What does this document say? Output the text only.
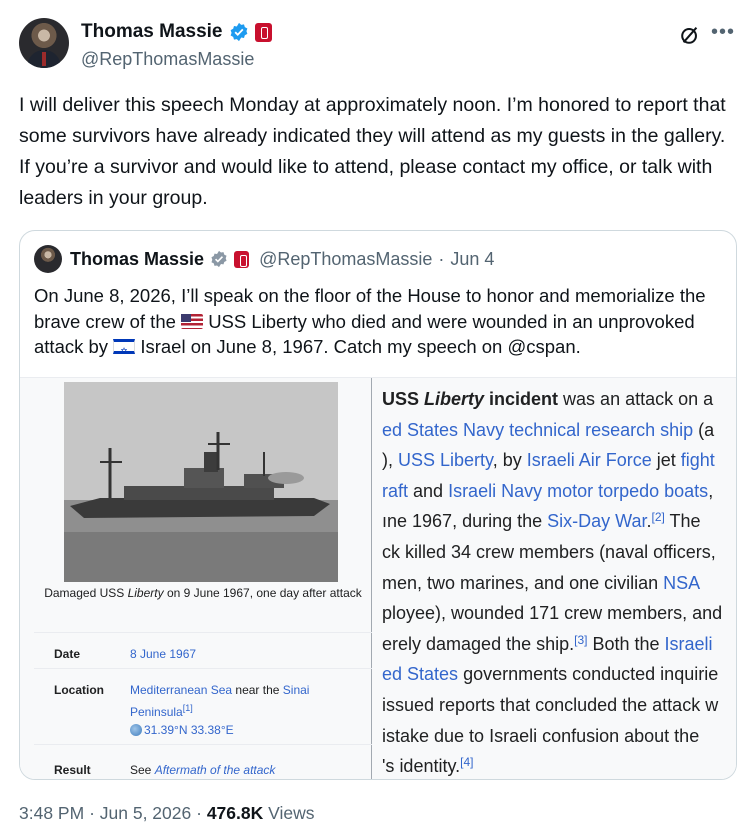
Thomas Massie
@RepThomasMassie
•••
I will deliver this speech Monday at approximately noon. I’m honored to report that some survivors have already indicated they will attend as my guests in the gallery. If you’re a survivor and would like to attend, please contact my office, or talk with leaders in your group.
Thomas Massie	@RepThomasMassie · Jun 4
On June 8, 2026, I’ll speak on the floor of the House to honor and memorialize the brave crew of the USS Liberty who died and were wounded in an unprovoked attack by ✡ Israel on June 8, 1967. Catch my speech on @cspan.
Damaged USS Liberty on 9 June 1967, one day after attack
Date	8 June 1967
Location Mediterranean Sea near the Sinai Peninsula[1]
31.39°N 33.38°E
Result	See Aftermath of the attack
USS Liberty incident was an attack on a
ed States Navy technical research ship (a
), USS Liberty, by Israeli Air Force jet fight
raft and Israeli Navy motor torpedo boats,
ıne 1967, during the Six-Day War.[2] The
ck killed 34 crew members (naval officers,
men, two marines, and one civilian NSA
ployee), wounded 171 crew members, and
erely damaged the ship.[3] Both the Israeli
ed States governments conducted inquirie
issued reports that concluded the attack w
istake due to Israeli confusion about the
's identity.[4]
3:48 PM · Jun 5, 2026 · 476.8K Views
